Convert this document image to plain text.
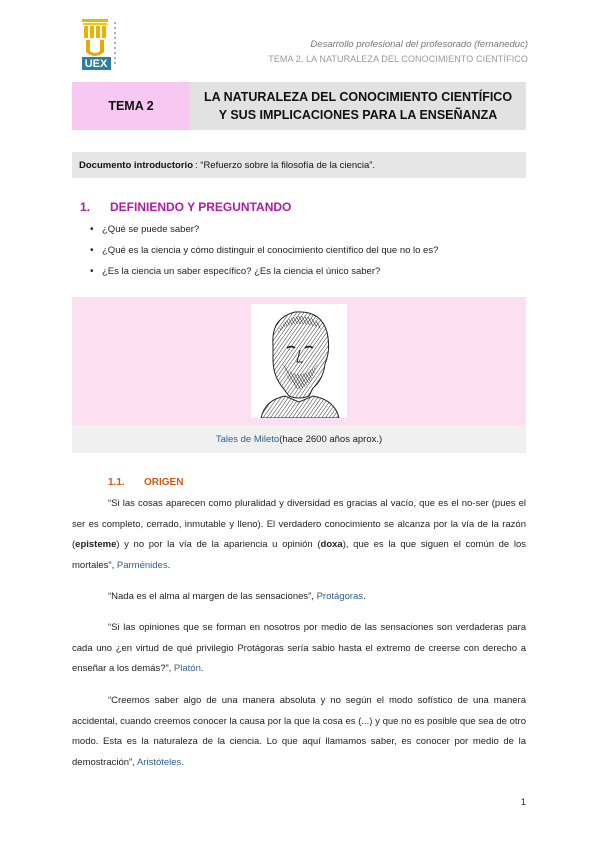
UEX
Desarrollo profesional del profesorado (fernaneduc)
TEMA 2. LA NATURALEZA DEL CONOCIMIENTO CIENTÍFICO
TEMA 2
LA NATURALEZA DEL CONOCIMIENTO CIENTÍFICO
Y SUS IMPLICACIONES PARA LA ENSEÑANZA
Documento introductorio : “Refuerzo sobre la filosofía de la ciencia”.
1. DEFINIENDO Y PREGUNTANDO
• ¿Qué se puede saber?
• ¿Qué es la ciencia y cómo distinguir el conocimiento científico del que no lo es?
• ¿Es la ciencia un saber específico? ¿Es la ciencia el único saber?
Tales de Mileto (hace 2600 años aprox.)
1.1. ORIGEN

“Si las cosas aparecen como pluralidad y diversidad es gracias al vacío, que es el no-ser (pues el ser es completo, cerrado, inmutable y lleno). El verdadero conocimiento se alcanza por la vía de la razón (episteme) y no por la vía de la apariencia u opinión (doxa), que es la que siguen el común de los mortales”, Parménides.

“Nada es el alma al margen de las sensaciones”, Protágoras.

“Si las opiniones que se forman en nosotros por medio de las sensaciones son verdaderas para cada uno ¿en virtud de qué privilegio Protágoras sería sabio hasta el extremo de creerse con derecho a enseñar a los demás?”, Platón.

“Creemos saber algo de una manera absoluta y no según el modo sofístico de una manera accidental, cuando creemos conocer la causa por la que la cosa es (...) y que no es posible que sea de otro modo. Esta es la naturaleza de la ciencia. Lo que aquí llamamos saber, es conocer por medio de la demostración”, Aristóteles.

1
